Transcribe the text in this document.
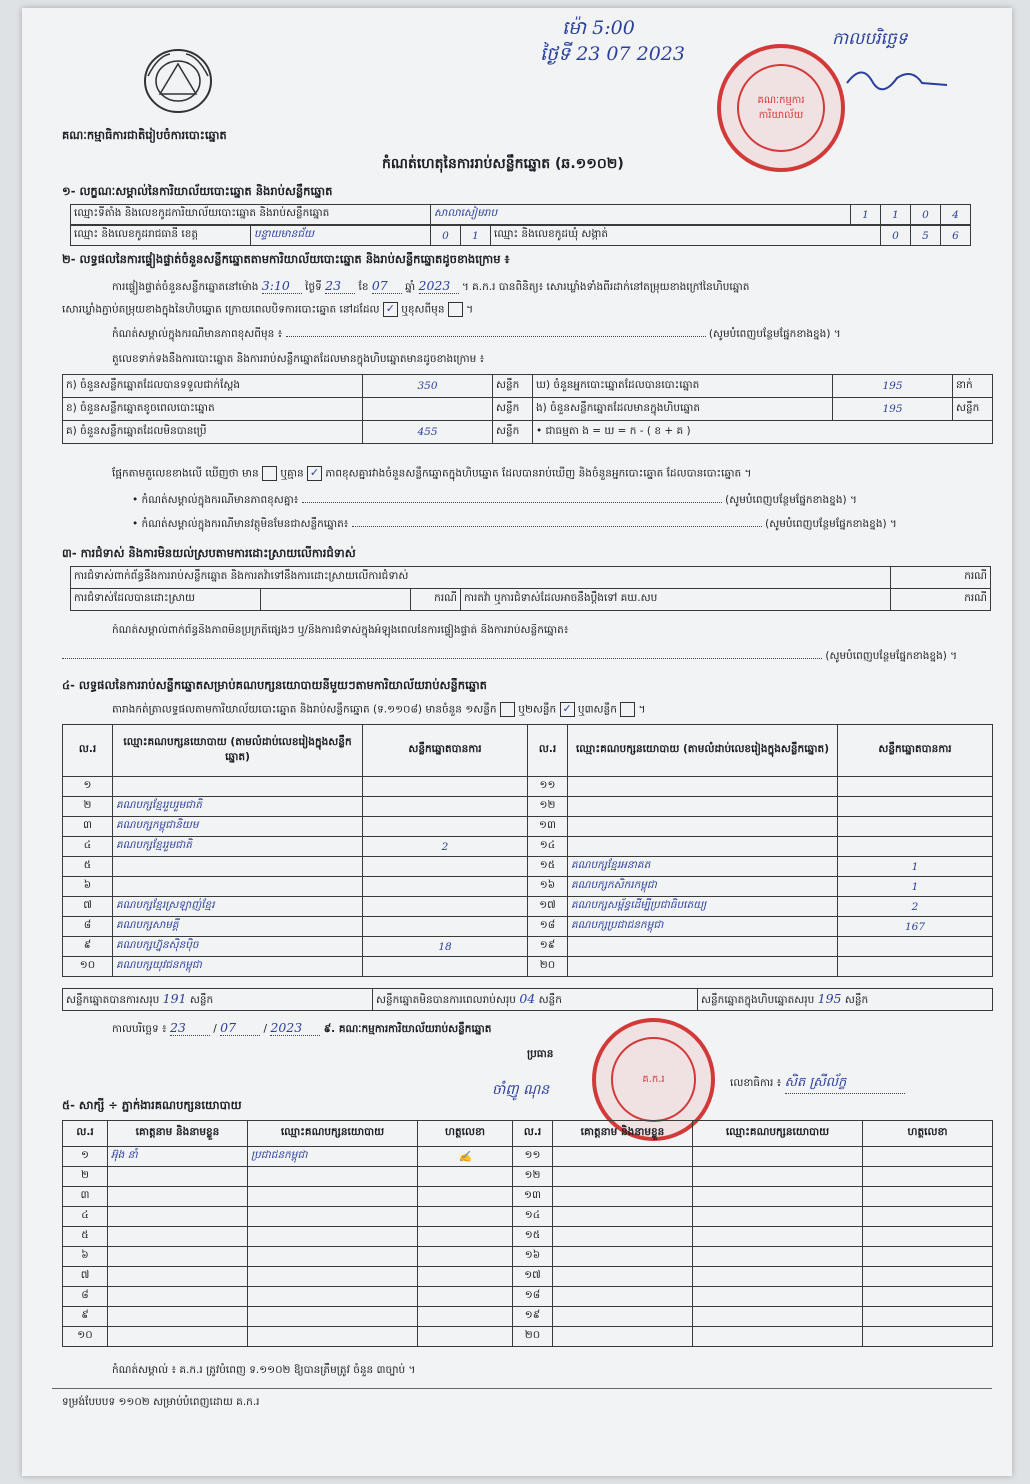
ម៉ោ 5:00
ថ្ងៃទី 23 07 2023
កាលបរិច្ឆេទ
គណៈកម្មការការិយាល័យ
គណៈកម្មាធិការជាតិរៀបចំការបោះឆ្នោត
កំណត់ហេតុនៃការរាប់សន្លឹកឆ្នោត (ឆ.១១០២)
១- លក្ខណៈសម្គាល់នៃការិយាល័យបោះឆ្នោត និងរាប់សន្លឹកឆ្នោត
ឈ្មោះទីតាំង និងលេខកូដការិយាល័យបោះឆ្នោត និងរាប់សន្លឹកឆ្នោត	សាលាសៀមរាប	1	1	0	4
ឈ្មោះ និងលេខកូដរាជធានី ខេត្ត	បន្ទាយមានជ័យ	0	1	ឈ្មោះ និងលេខកូដឃុំ សង្កាត់	0	5	6
២- លទ្ធផលនៃការផ្ទៀងផ្ទាត់ចំនួនសន្លឹកឆ្នោតតាមការិយាល័យបោះឆ្នោត និងរាប់សន្លឹកឆ្នោតដូចខាងក្រោម ៖
ការផ្ទៀងផ្ទាត់ចំនួនសន្លឹកឆ្នោតនៅម៉ោង 3:10 ថ្ងៃទី 23 ខែ 07 ឆ្នាំ 2023 ។ គ.ក.រ បានពិនិត្យ៖ សោរឃ្លាំងទាំងពីរដាក់នៅតម្រុយខាងក្រៅនៃហិបឆ្នោត
សោរឃ្លាំងភ្ជាប់តម្រុយខាងក្នុងនៃហិបឆ្នោត ក្រោយពេលបិទការបោះឆ្នោត នៅដដែល ✓ ឬខុសពីមុន  ។
កំណត់សម្គាល់ក្នុងករណីមានភាពខុសពីមុន ៖	(សូមបំពេញបន្ថែមផ្នែកខាងខ្នង) ។
តួលេខទាក់ទងនឹងការបោះឆ្នោត និងការរាប់សន្លឹកឆ្នោតដែលមានក្នុងហិបឆ្នោតមានដូចខាងក្រោម ៖
ក) ចំនួនសន្លឹកឆ្នោតដែលបានទទួលជាក់ស្តែង	350	សន្លឹក	ឃ) ចំនួនអ្នកបោះឆ្នោតដែលបានបោះឆ្នោត	195	នាក់
ខ) ចំនួនសន្លឹកឆ្នោតខូចពេលបោះឆ្នោត		សន្លឹក	ង) ចំនួនសន្លឹកឆ្នោតដែលមានក្នុងហិបឆ្នោត	195	សន្លឹក
គ) ចំនួនសន្លឹកឆ្នោតដែលមិនបានប្រើ	455	សន្លឹក	• ជាធម្មតា ង = ឃ = ក - ( ខ + គ )		
ផ្អែកតាមតួលេខខាងលើ ឃើញថា មាន ឬគ្មាន ✓ ភាពខុសគ្នារវាងចំនួនសន្លឹកឆ្នោតក្នុងហិបឆ្នោត ដែលបានរាប់ឃើញ និងចំនួនអ្នកបោះឆ្នោត ដែលបានបោះឆ្នោត ។
• កំណត់សម្គាល់ក្នុងករណីមានភាពខុសគ្នា៖	(សូមបំពេញបន្ថែមផ្នែកខាងខ្នង) ។
• កំណត់សម្គាល់ក្នុងករណីមានវត្ថុមិនមែនជាសន្លឹកឆ្នោត៖	(សូមបំពេញបន្ថែមផ្នែកខាងខ្នង) ។
៣- ការជំទាស់ និងការមិនយល់ស្របតាមការដោះស្រាយលើការជំទាស់
ការជំទាស់ពាក់ព័ន្ធនឹងការរាប់សន្លឹកឆ្នោត និងការតវ៉ាទៅនឹងការដោះស្រាយលើការជំទាស់				ករណី
ការជំទាស់ដែលបានដោះស្រាយ		ករណី	ការតវ៉ា ឬការជំទាស់ដែលអាចនឹងប្តឹងទៅ គឃ.សប	ករណី
កំណត់សម្គាល់ពាក់ព័ន្ធនឹងភាពមិនប្រក្រតីផ្សេងៗ ឬ/និងការជំទាស់ក្នុងអំឡុងពេលនៃការផ្ទៀងផ្ទាត់ និងការរាប់សន្លឹកឆ្នោត៖
(សូមបំពេញបន្ថែមផ្នែកខាងខ្នង) ។
៤- លទ្ធផលនៃការរាប់សន្លឹកឆ្នោតសម្រាប់គណបក្សនយោបាយនីមួយៗតាមការិយាល័យរាប់សន្លឹកឆ្នោត
តារាងកត់ត្រាលទ្ធផលតាមការិយាល័យបោះឆ្នោត និងរាប់សន្លឹកឆ្នោត (ទ.១១០៨) មានចំនួន ១សន្លឹក ឬ២សន្លឹក ✓ ឬ៣សន្លឹក  ។
ល.រ	ឈ្មោះគណបក្សនយោបាយ (តាមលំដាប់លេខរៀងក្នុងសន្លឹកឆ្នោត)	សន្លឹកឆ្នោតបានការ	ល.រ	ឈ្មោះគណបក្សនយោបាយ (តាមលំដាប់លេខរៀងក្នុងសន្លឹកឆ្នោត)	សន្លឹកឆ្នោតបានការ
១			១១		
២	គណបក្សខ្មែររួបរួមជាតិ		១២		
៣	គណបក្សកម្ពុជានិយម		១៣		
៤	គណបក្សខ្មែររួមជាតិ	2	១៤		
៥			១៥	គណបក្សខ្មែរអនាគត	1
៦			១៦	គណបក្សកសិករកម្ពុជា	1
៧	គណបក្សខ្មែរស្រឡាញ់ខ្មែរ		១៧	គណបក្សសម្ព័ន្ធដើម្បីប្រជាធិបតេយ្យ	2
៨	គណបក្សសាមគ្គី		១៨	គណបក្សប្រជាជនកម្ពុជា	167
៩	គណបក្សហ្វ៊ុនស៊ិនប៉ិច	18	១៩		
១០	គណបក្សយុវជនកម្ពុជា		២០		
សន្លឹកឆ្នោតបានការសរុប 191 សន្លឹក	សន្លឹកឆ្នោតមិនបានការពេលរាប់សរុប 04 សន្លឹក	សន្លឹកឆ្នោតក្នុងហិបឆ្នោតសរុប 195 សន្លឹក
កាលបរិច្ឆេទ ៖ 23 / 07 / 2023 ៩. គណៈកម្មការការិយាល័យរាប់សន្លឹកឆ្នោត
ប្រធាន
ចាំញូ ណុន
គ.ក.រ	លេខាធិការ ៖ សិត ស្រីល័ក្ខ
៥- សាក្សី ÷ ភ្នាក់ងារគណបក្សនយោបាយ
ល.រ	គោត្តនាម និងនាមខ្លួន	ឈ្មោះគណបក្សនយោបាយ	ហត្ថលេខា	ល.រ	គោត្តនាម និងនាមខ្លួន	ឈ្មោះគណបក្សនយោបាយ	ហត្ថលេខា
១	អ៊ុង នាំ	ប្រជាជនកម្ពុជា	✍	១១			
២				១២			
៣				១៣			
៤				១៤			
៥				១៥			
៦				១៦			
៧				១៧			
៨				១៨			
៩				១៩			
១០				២០			
កំណត់សម្គាល់ ៖ គ.ក.រ ត្រូវបំពេញ ទ.១១០២ ឱ្យបានត្រឹមត្រូវ ចំនួន ៣ច្បាប់ ។
ទម្រង់បែបបទ ១១០២ សម្រាប់បំពេញដោយ គ.ក.រ
